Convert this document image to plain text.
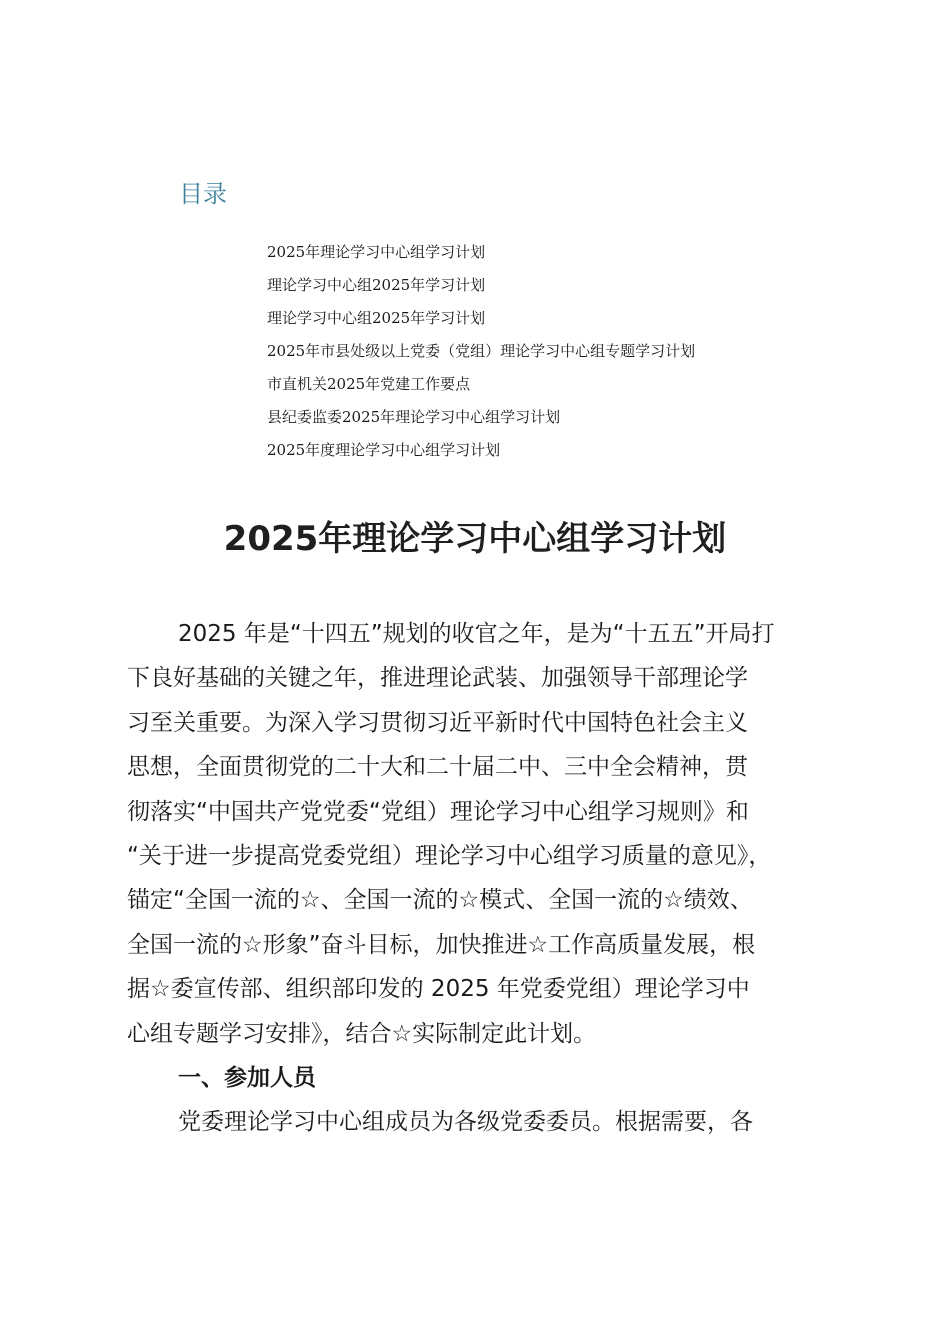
目录
2025年理论学习中心组学习计划
理论学习中心组2025年学习计划
理论学习中心组2025年学习计划
2025年市县处级以上党委（党组）理论学习中心组专题学习计划
市直机关2025年党建工作要点
县纪委监委2025年理论学习中心组学习计划
2025年度理论学习中心组学习计划
2025年理论学习中心组学习计划
2025 年是“十四五”规划的收官之年，是为“十五五”开局打
下良好基础的关键之年，推进理论武装、加强领导干部理论学
习至关重要。为深入学习贯彻习近平新时代中国特色社会主义
思想，全面贯彻党的二十大和二十届二中、三中全会精神，贯
彻落实“中国共产党党委“党组）理论学习中心组学习规则》和
“关于进一步提高党委党组）理论学习中心组学习质量的意见》，
锚定“全国一流的☆、全国一流的☆模式、全国一流的☆绩效、
全国一流的☆形象”奋斗目标，加快推进☆工作高质量发展，根
据☆委宣传部、组织部印发的 2025 年党委党组）理论学习中
心组专题学习安排》，结合☆实际制定此计划。
一、参加人员
党委理论学习中心组成员为各级党委委员。根据需要，各
